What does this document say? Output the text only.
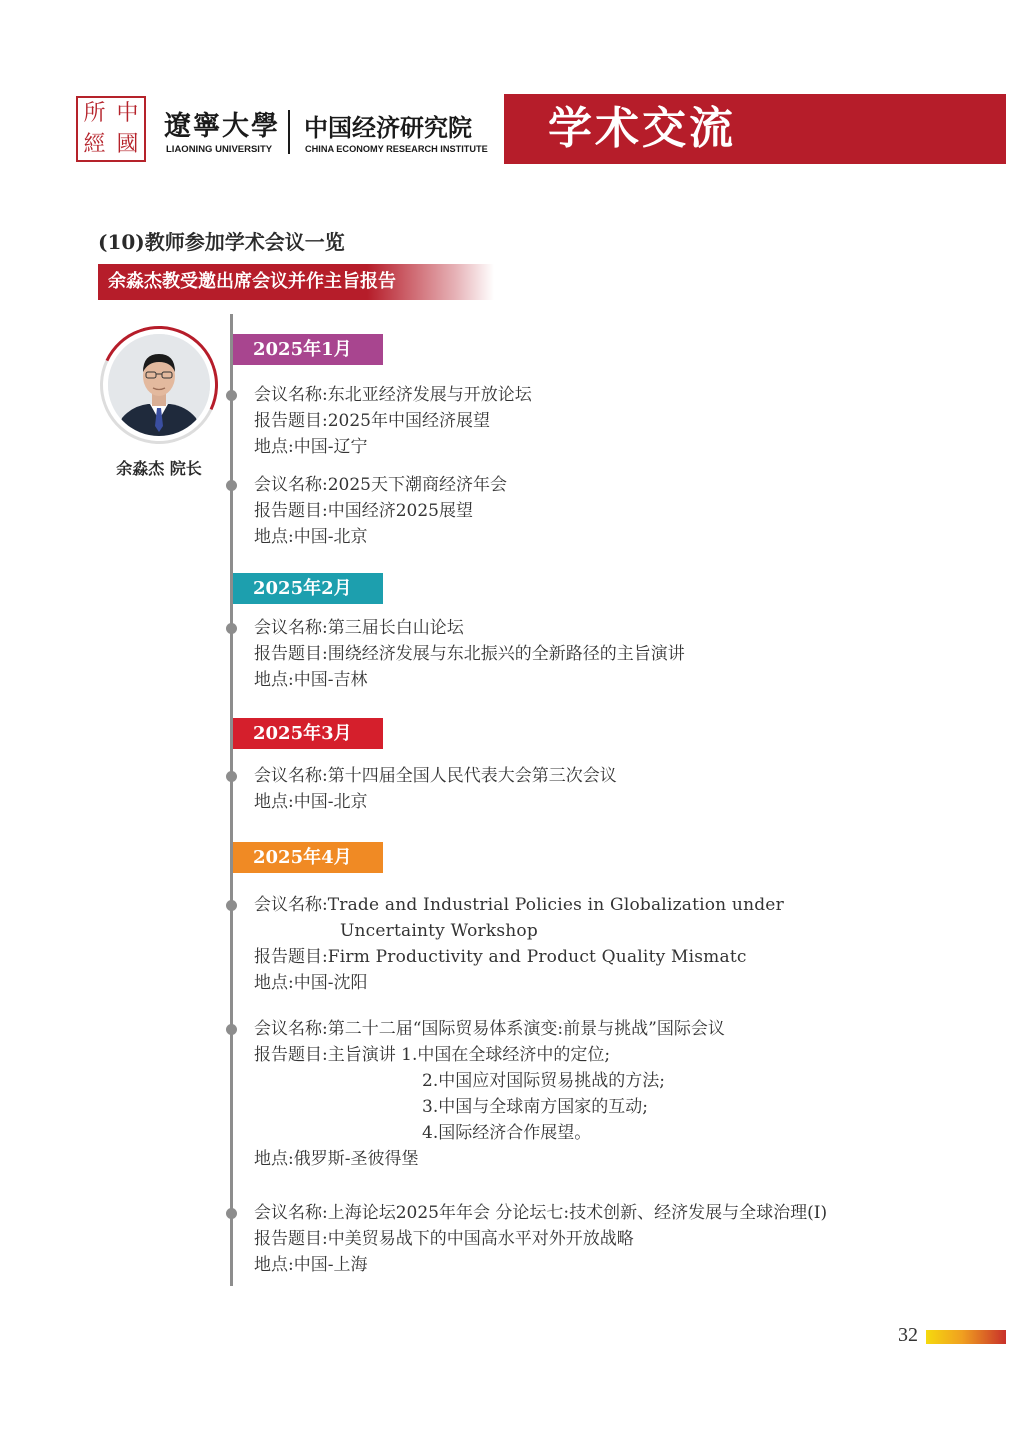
所 中
經 國
遼寧大學
LIAONING UNIVERSITY
中国经济研究院
CHINA ECONOMY RESEARCH INSTITUTE	学术交流
(10)教师参加学术会议一览
余淼杰教受邀出席会议并作主旨报告
余淼杰 院长
2025年1月
会议名称: 东北亚经济发展与开放论坛
报告题目: 2025年中国经济展望
地点: 中国-辽宁
会议名称: 2025天下潮商经济年会
报告题目: 中国经济2025展望
地点: 中国-北京
2025年2月
会议名称: 第三届长白山论坛
报告题目: 围绕经济发展与东北振兴的全新路径的主旨演讲
地点: 中国-吉林
2025年3月
会议名称: 第十四届全国人民代表大会第三次会议
地点: 中国-北京
2025年4月
会议名称: Trade and Industrial Policies in Globalization under
Uncertainty Workshop
报告题目: Firm Productivity and Product Quality Mismatc
地点: 中国-沈阳
会议名称: 第二十二届“国际贸易体系演变:前景与挑战”国际会议
报告题目: 主旨演讲 1.中国在全球经济中的定位;
2.中国应对国际贸易挑战的方法;
3.中国与全球南方国家的互动;
4.国际经济合作展望。
地点: 俄罗斯-圣彼得堡
会议名称: 上海论坛2025年年会 分论坛七:技术创新、经济发展与全球治理(I)
报告题目: 中美贸易战下的中国高水平对外开放战略
地点: 中国-上海
32
